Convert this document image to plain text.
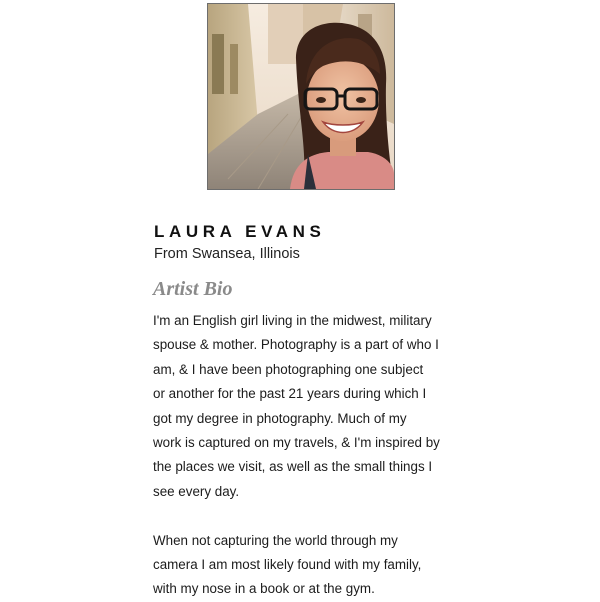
LAURA EVANS
From Swansea, Illinois
Artist Bio
I'm an English girl living in the midwest, military
spouse & mother. Photography is a part of who I
am, & I have been photographing one subject
or another for the past 21 years during which I
got my degree in photography. Much of my
work is captured on my travels, & I'm inspired by
the places we visit, as well as the small things I
see every day.
When not capturing the world through my
camera I am most likely found with my family,
with my nose in a book or at the gym.
